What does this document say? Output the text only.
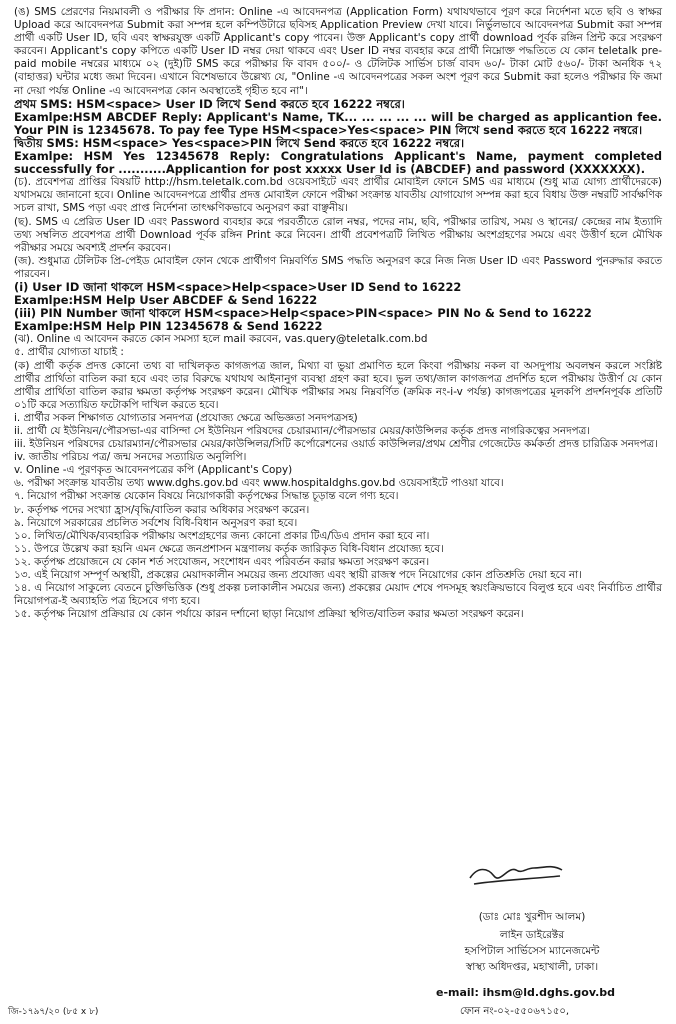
(ঙ) SMS প্রেরণের নিয়মাবলী ও পরীক্ষার ফি প্রদান: Online -এ আবেদনপত্র (Application Form) যথাযথভাবে পূরণ করে নির্দেশনা মতে ছবি ও স্বাক্ষর Upload করে আবেদনপত্র Submit করা সম্পন্ন হলে কম্পিউটারে ছবিসহ Application Preview দেখা যাবে। নির্ভুলভাবে আবেদনপত্র Submit করা সম্পন্ন প্রার্থী একটি User ID, ছবি এবং স্বাক্ষরযুক্ত একটি Applicant's copy পাবেন। উক্ত Applicant's copy প্রার্থী download পূর্বক রঙ্গিন প্রিন্ট করে সংরক্ষণ করবেন। Applicant's copy কপিতে একটি User ID নম্বর দেয়া থাকবে এবং User ID নম্বর ব্যবহার করে প্রার্থী নিম্নোক্ত পদ্ধতিতে যে কোন teletalk pre-paid mobile নম্বরের মাধ্যমে ০২ (দুই)টি SMS করে পরীক্ষার ফি বাবদ ৫০০/- ও টেলিটক সার্ভিস চার্জ বাবদ ৬০/- টাকা মোট ৫৬০/- টাকা অনধিক ৭২ (বাহাত্তর) ঘন্টার মধ্যে জমা দিবেন। এখানে বিশেষভাবে উল্লেখ্য যে, "Online -এ আবেদনপত্রের সকল অংশ পূরণ করে Submit করা হলেও পরীক্ষার ফি জমা না দেয়া পর্যন্ত Online -এ আবেদনপত্র কোন অবস্থাতেই গৃহীত হবে না"।

প্রথম SMS: HSM<space> User ID লিখে Send করতে হবে 16222 নম্বরে।

Examlpe:HSM ABCDEF Reply: Applicant's Name, TK... ... ... ... ... will be charged as applicantion fee. Your PIN is 12345678. To pay fee Type HSM<space>Yes<space> PIN লিখে send করতে হবে 16222 নম্বরে।

দ্বিতীয় SMS: HSM<space> Yes<space>PIN লিখে Send করতে হবে 16222 নম্বরে।

Examlpe: HSM Yes 12345678 Reply: Congratulations Applicant's Name, payment completed successfully for ...........Applicantion for post xxxxx User Id is (ABCDEF) and password (XXXXXXX).

(চ). প্রবেশপত্র প্রাপ্তির বিষয়টি http://hsm.teletalk.com.bd ওয়েবসাইটে এবং প্রার্থীর মোবাইল ফোনে SMS এর মাধ্যমে (শুধু মাত্র যোগ্য প্রার্থীদেরকে) যথাসময়ে জানানো হবে। Online আবেদনপত্রে প্রার্থীর প্রদত্ত মোবাইল ফোনে পরীক্ষা সংক্রান্ত যাবতীয় যোগাযোগ সম্পন্ন করা হবে বিধায় উক্ত নম্বরটি সার্বক্ষণিক সচল রাখা, SMS পড়া এবং প্রাপ্ত নির্দেশনা তাৎক্ষণিকভাবে অনুসরণ করা বাঞ্ছনীয়।

(ছ). SMS এ প্রেরিত User ID এবং Password ব্যবহার করে পরবর্তীতে রোল নম্বর, পদের নাম, ছবি, পরীক্ষার তারিখ, সময় ও স্থানের/ কেন্দ্রের নাম ইত্যাদি তথ্য সম্বলিত প্রবেশপত্র প্রার্থী Download পূর্বক রঙ্গিন Print করে নিবেন। প্রার্থী প্রবেশপত্রটি লিখিত পরীক্ষায় অংশগ্রহণের সময়ে এবং উত্তীর্ণ হলে মৌখিক পরীক্ষার সময়ে অবশ্যই প্রদর্শন করবেন।

(জ). শুধুমাত্র টেলিটক প্রি-পেইড মোবাইল ফোন থেকে প্রার্থীগণ নিম্নবর্ণিত SMS পদ্ধতি অনুসরণ করে নিজ নিজ User ID এবং Password পুনরুদ্ধার করতে পারবেন।

(i) User ID জানা থাকলে HSM<space>Help<space>User ID Send to 16222

Examlpe:HSM Help User ABCDEF & Send 16222

(iii) PIN Number জানা থাকলে HSM<space>Help<space>PIN<space> PIN No & Send to 16222

Examlpe:HSM Help PIN 12345678 & Send 16222

(ঝ). Online এ আবেদন করতে কোন সমস্যা হলে mail করবেন, vas.query@teletalk.com.bd

৫. প্রার্থীর যোগ্যতা যাচাই :

(ক) প্রার্থী কর্তৃক প্রদত্ত কোনো তথ্য বা দাখিলকৃত কাগজপত্র জাল, মিথ্যা বা ভুয়া প্রমাণিত হলে কিংবা পরীক্ষায় নকল বা অসদুপায় অবলম্বন করলে সংশ্লিষ্ট প্রার্থীর প্রার্থিতা বাতিল করা হবে এবং তার বিরুদ্ধে যথাযথ আইনানুগ ব্যবস্থা গ্রহণ করা হবে। ভুল তথ্য/জাল কাগজপত্র প্রদর্শিত হলে পরীক্ষায় উত্তীর্ণ যে কোন প্রার্থীর প্রার্থিতা বাতিল করার ক্ষমতা কর্তৃপক্ষ সংরক্ষণ করেন। মৌখিক পরীক্ষার সময় নিম্নবর্ণিত (ক্রমিক নং-i-v পর্যন্ত) কাগজপত্রের মূলকপি প্রদর্শনপূর্বক প্রতিটি ০১টি করে সত্যায়িত ফটোকপি দাখিল করতে হবে।

i. প্রার্থীর সকল শিক্ষাগত যোগ্যতার সনদপত্র (প্রযোজ্য ক্ষেত্রে অভিজ্ঞতা সনদপত্রসহ)

ii. প্রার্থী যে ইউনিয়ন/পৌরসভা-এর বাসিন্দা সে ইউনিয়ন পরিষদের চেয়ারম্যান/পৌরসভার মেয়র/কাউন্সিলর কর্তৃক প্রদত্ত নাগরিকত্বের সনদপত্র।

iii. ইউনিয়ন পরিষদের চেয়ারম্যান/পৌরসভার মেয়র/কাউন্সিলর/সিটি কর্পোরেশনের ওয়ার্ড কাউন্সিলর/প্রথম শ্রেণীর গেজেটেড কর্মকর্তা প্রদত্ত চারিত্রিক সনদপত্র।

iv. জাতীয় পরিচয় পত্র/ জন্ম সনদের সত্যায়িত অনুলিপি।

v. Online -এ পূরণকৃত আবেদনপত্রের কপি (Applicant's Copy)

৬. পরীক্ষা সংক্রান্ত যাবতীয় তথ্য www.dghs.gov.bd এবং www.hospitaldghs.gov.bd ওয়েবসাইটে পাওয়া যাবে।

৭. নিয়োগ পরীক্ষা সংক্রান্ত যেকোন বিষয়ে নিয়োগকারী কর্তৃপক্ষের সিদ্ধান্ত চূড়ান্ত বলে গণ্য হবে।

৮. কর্তৃপক্ষ পদের সংখ্যা হ্রাস/বৃদ্ধি/বাতিল করার অধিকার সংরক্ষণ করেন।

৯. নিয়োগে সরকারের প্রচলিত সর্বশেষ বিধি-বিধান অনুসরণ করা হবে।

১০. লিখিত/মৌখিক/ব্যবহারিক পরীক্ষায় অংশগ্রহণের জন্য কোনো প্রকার টিএ/ডিএ প্রদান করা হবে না।

১১. উপরে উল্লেখ করা হয়নি এমন ক্ষেত্রে জনপ্রশাসন মন্ত্রণালয় কর্তৃক জারিকৃত বিধি-বিধান প্রযোজ্য হবে।

১২. কর্তৃপক্ষ প্রয়োজনে যে কোন শর্ত সংযোজন, সংশোধন এবং পরিবর্তন করার ক্ষমতা সংরক্ষণ করেন।

১৩. এই নিয়োগ সম্পূর্ণ অস্থায়ী, প্রকল্পের মেয়াদকালীন সময়ের জন্য প্রযোজ্য এবং স্থায়ী রাজস্ব পদে নিয়োগের কোন প্রতিশ্রুতি দেয়া হবে না।

১৪. এ নিয়োগ সাকুল্যে বেতনে চুক্তিভিত্তিক (শুধু প্রকল্প চলাকালীন সময়ের জন্য) প্রকল্পের মেয়াদ শেষে পদসমূহ স্বয়ংক্রিয়ভাবে বিলুপ্ত হবে এবং নির্বাচিত প্রার্থীর নিয়োগপত্র-ই অব্যাহতি পত্র হিসেবে গণ্য হবে।

১৫. কর্তৃপক্ষ নিয়োগ প্রক্রিয়ার যে কোন পর্যায়ে কারন দর্শানো ছাড়া নিয়োগ প্রক্রিয়া স্থগিত/বাতিল করার ক্ষমতা সংরক্ষণ করেন।

(ডাঃ মোঃ খুরশীদ আলম)
লাইন ডাইরেক্টর
হসপিটাল সার্ভিসেস ম্যানেজমেন্ট
স্বাস্থ্য অধিদপ্তর, মহাখালী, ঢাকা।
e-mail: ihsm@ld.dghs.gov.bd
ফোন নং-০২-৫৫০৬৭১৫০,
জি-১৭৯৭/২০ (৮৫ x ৮)
